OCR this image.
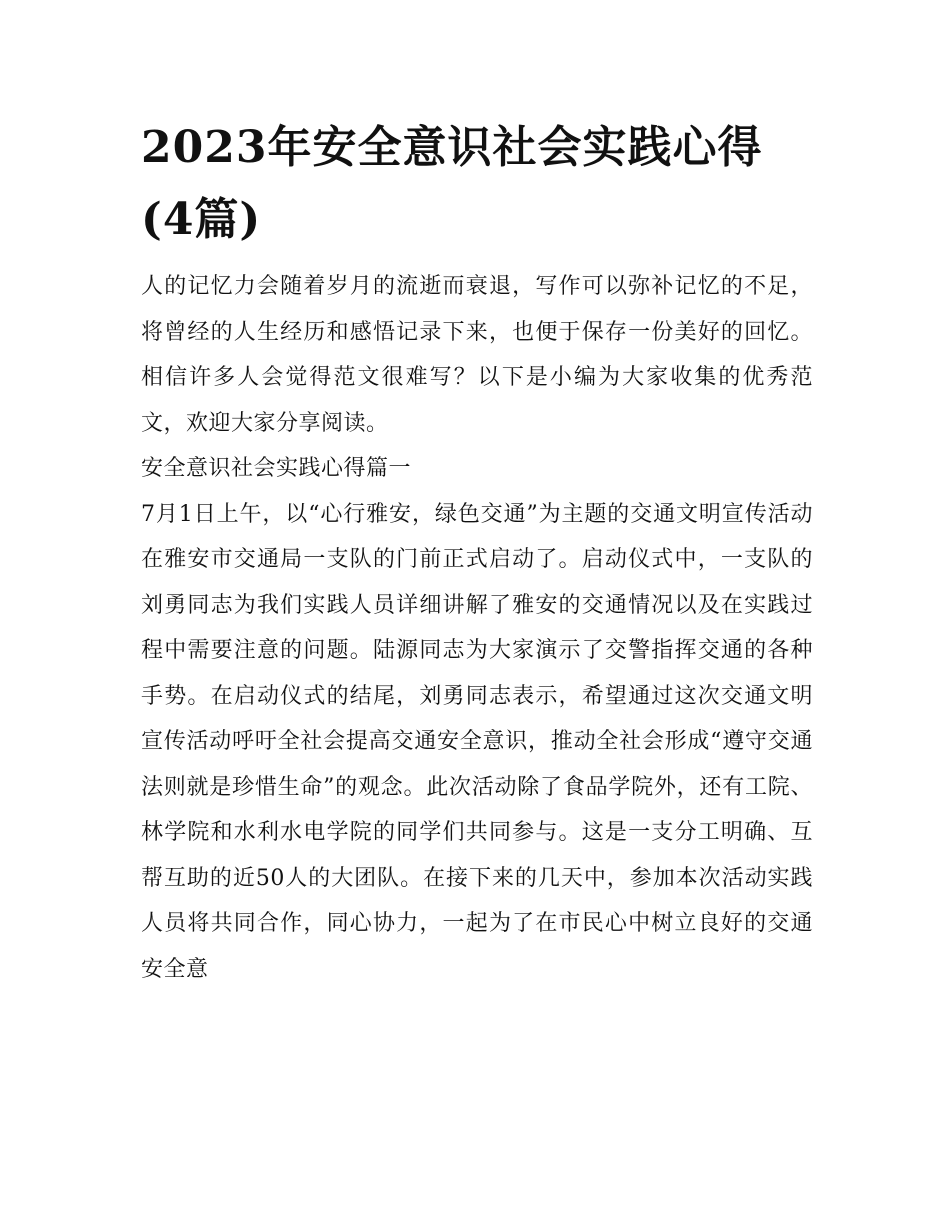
2023年安全意识社会实践心得(4篇)

人的记忆力会随着岁月的流逝而衰退，写作可以弥补记忆的不足，将曾经的人生经历和感悟记录下来，也便于保存一份美好的回忆。相信许多人会觉得范文很难写？以下是小编为大家收集的优秀范文，欢迎大家分享阅读。

安全意识社会实践心得篇一

7月1日上午，以“心行雅安，绿色交通”为主题的交通文明宣传活动在雅安市交通局一支队的门前正式启动了。启动仪式中，一支队的刘勇同志为我们实践人员详细讲解了雅安的交通情况以及在实践过程中需要注意的问题。陆源同志为大家演示了交警指挥交通的各种手势。在启动仪式的结尾，刘勇同志表示，希望通过这次交通文明宣传活动呼吁全社会提高交通安全意识，推动全社会形成“遵守交通法则就是珍惜生命”的观念。此次活动除了食品学院外，还有工院、林学院和水利水电学院的同学们共同参与。这是一支分工明确、互帮互助的近50人的大团队。在接下来的几天中，参加本次活动实践人员将共同合作，同心协力，一起为了在市民心中树立良好的交通安全意
